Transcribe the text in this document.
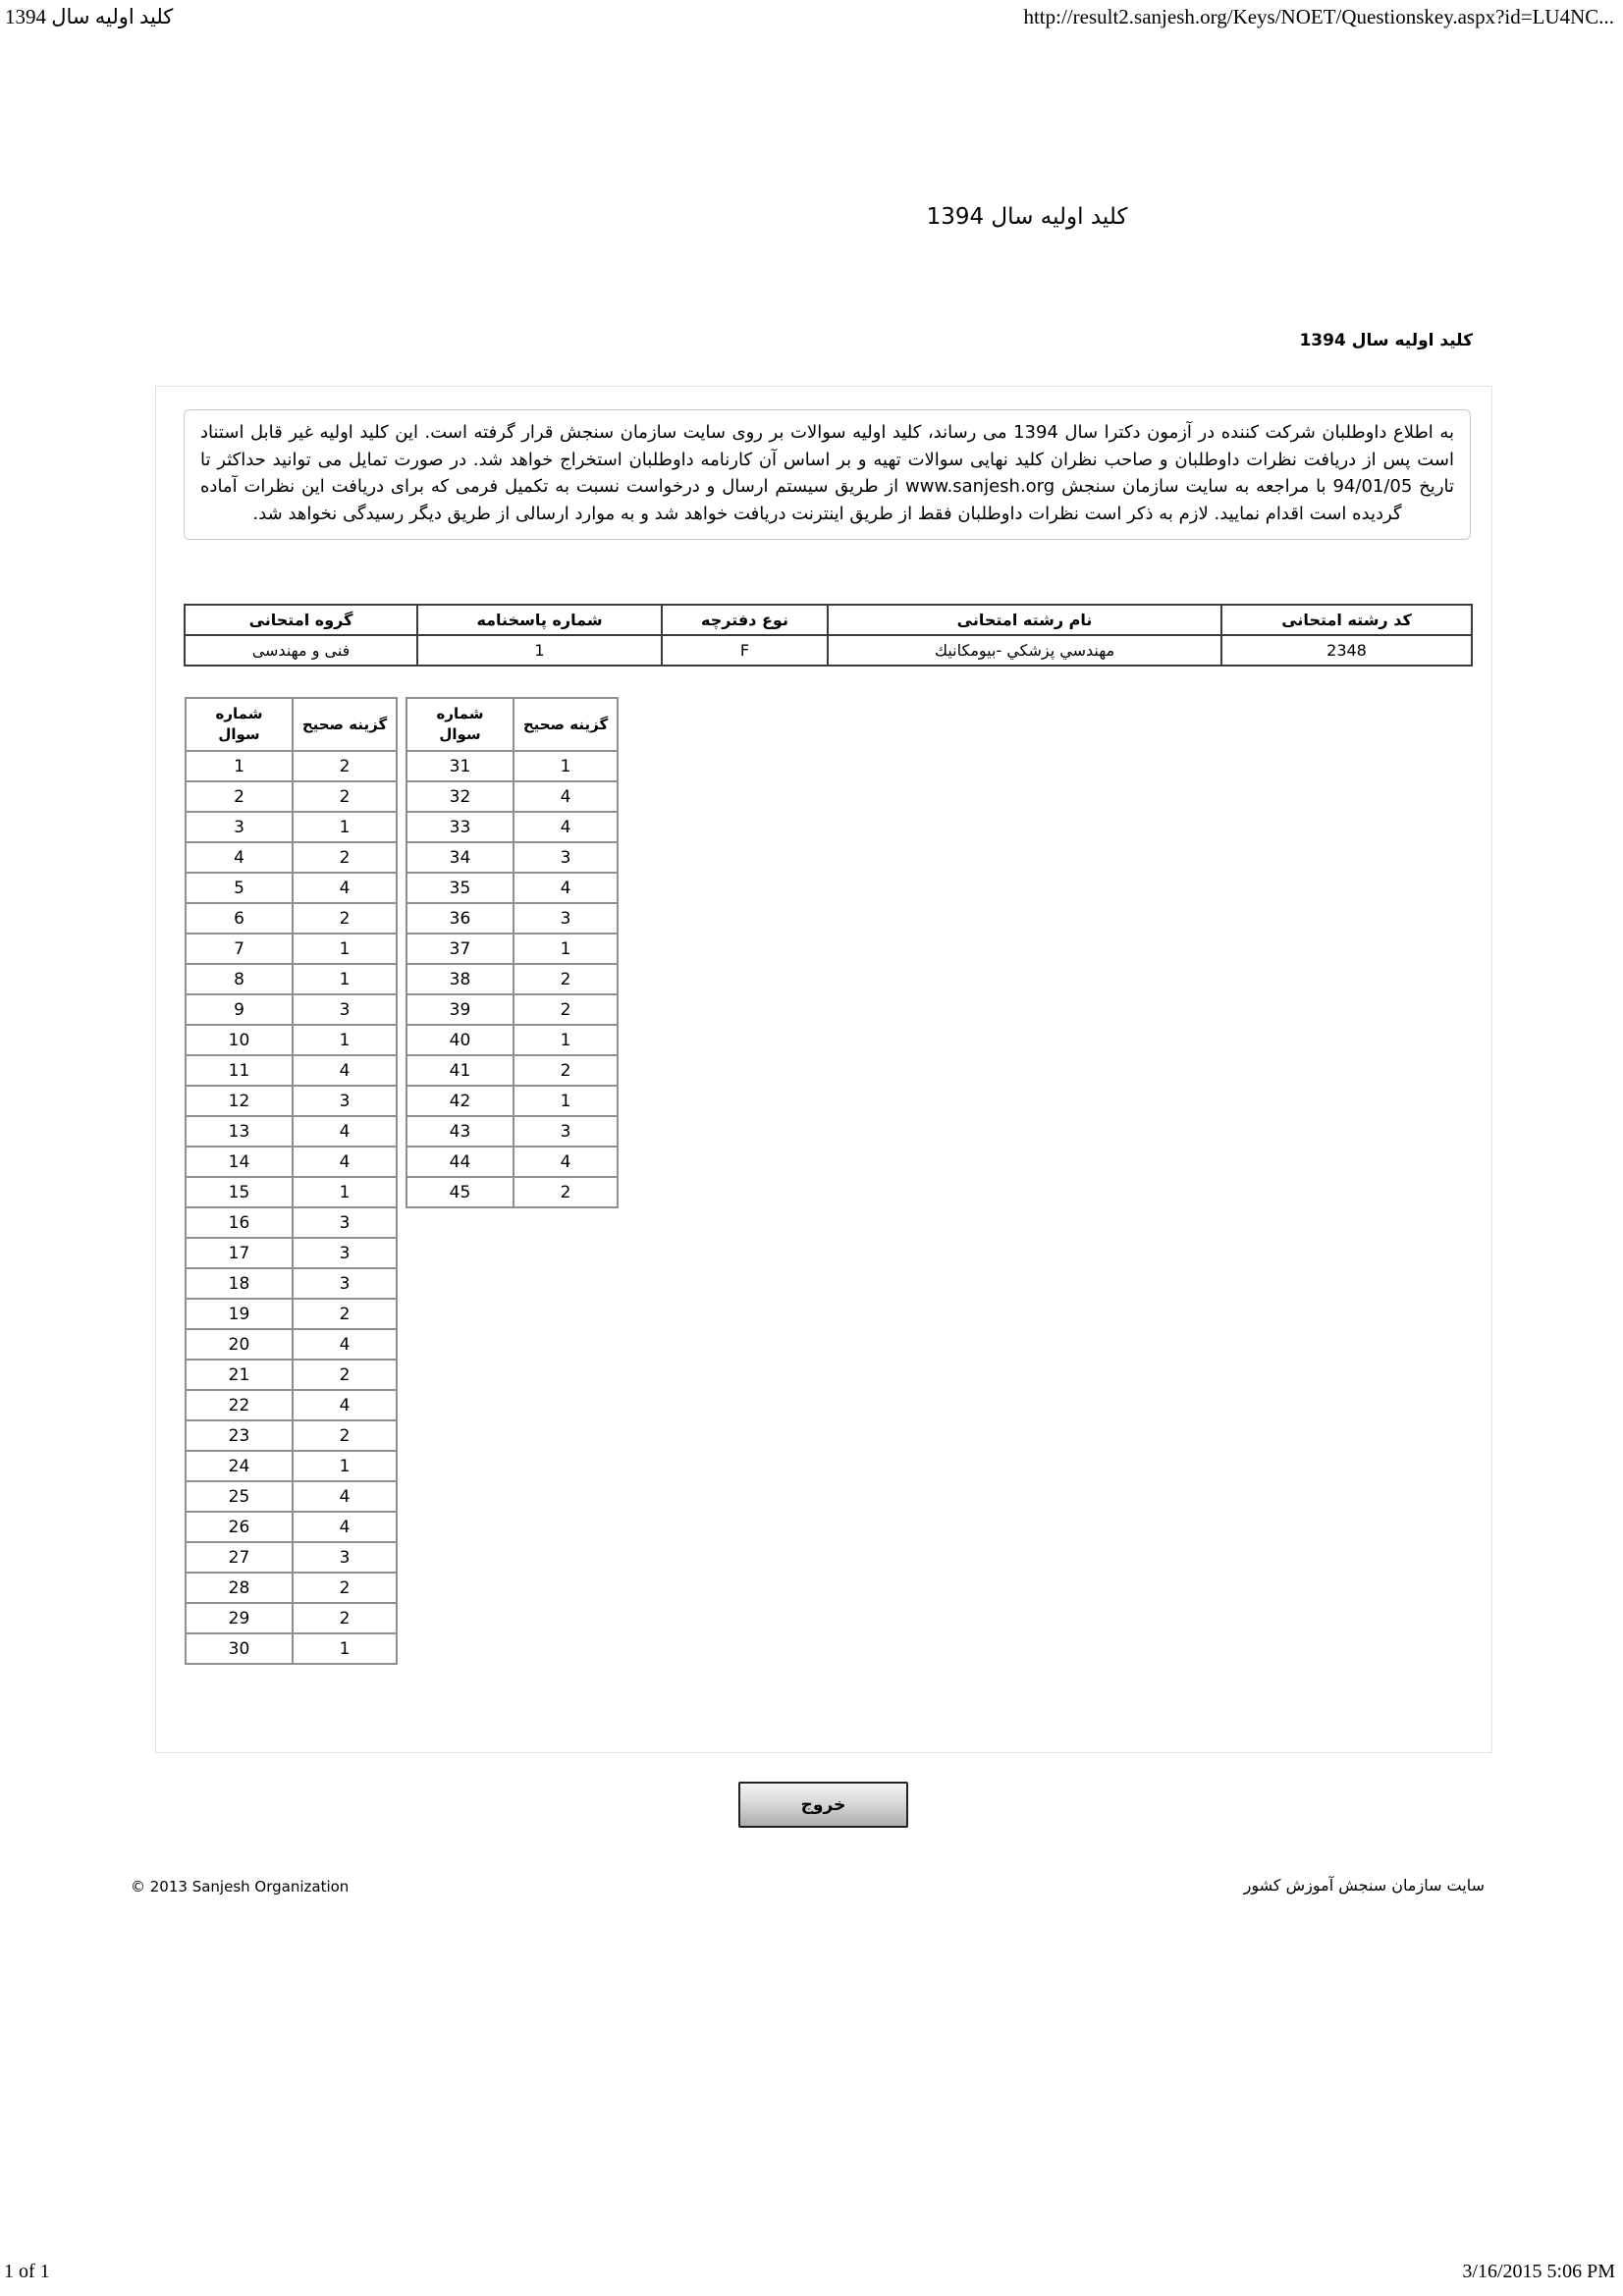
کلید اولیه سال 1394	http://result2.sanjesh.org/Keys/NOET/Questionskey.aspx?id=LU4NC...
کلید اولیه سال 1394
کلید اولیه سال 1394
به اطلاع داوطلبان شرکت کننده در آزمون دکترا سال 1394 می رساند، کلید اولیه سوالات بر روی سایت سازمان سنجش قرار گرفته است. این کلید اولیه غیر قابل استناد است پس از دریافت نظرات داوطلبان و صاحب نظران کلید نهایی سوالات تهیه و بر اساس آن کارنامه داوطلبان استخراج خواهد شد. در صورت تمایل می توانید حداکثر تا تاریخ 94/01/05 با مراجعه به سایت سازمان سنجش www.sanjesh.org از طریق سیستم ارسال و درخواست نسبت به تکمیل فرمی که برای دریافت این نظرات آماده گردیده است اقدام نمایید. لازم به ذکر است نظرات داوطلبان فقط از طریق اینترنت دریافت خواهد شد و به موارد ارسالی از طریق دیگر رسیدگی نخواهد شد.
گروه امتحانی	شماره پاسخنامه	نوع دفترچه	نام رشته امتحانی	کد رشته امتحانی
فنی و مهندسی	1	F	مهندسي پزشكي -بيومكانيك	2348
شماره سوال	گزینه صحیح
1	2
2	2
3	1
4	2
5	4
6	2
7	1
8	1
9	3
10	1
11	4
12	3
13	4
14	4
15	1
16	3
17	3
18	3
19	2
20	4
21	2
22	4
23	2
24	1
25	4
26	4
27	3
28	2
29	2
30	1
شماره سوال	گزینه صحیح
31	1
32	4
33	4
34	3
35	4
36	3
37	1
38	2
39	2
40	1
41	2
42	1
43	3
44	4
45	2
خروج
© 2013 Sanjesh Organization	سایت سازمان سنجش آموزش کشور
1 of 1	3/16/2015 5:06 PM
